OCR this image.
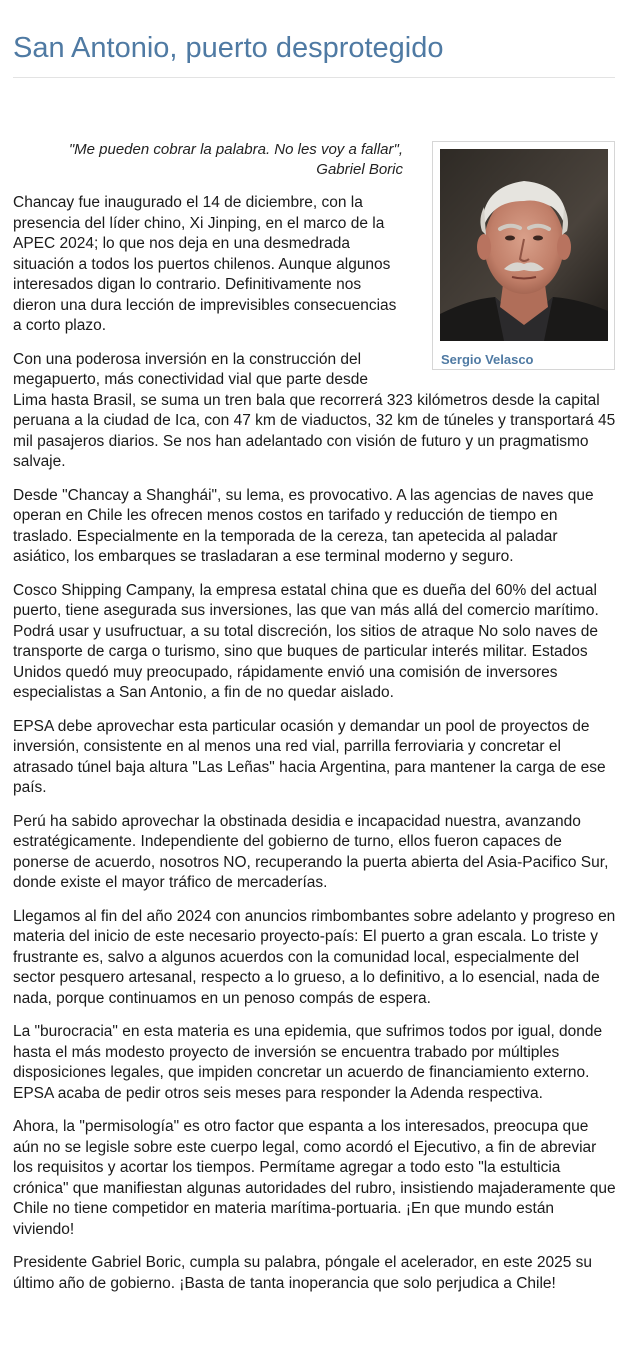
San Antonio, puerto desprotegido
Sergio Velasco

"Me pueden cobrar la palabra. No les voy a fallar",
Gabriel Boric

Chancay fue inaugurado el 14 de diciembre, con la presencia del líder chino, Xi Jinping, en el marco de la APEC 2024; lo que nos deja en una desmedrada situación a todos los puertos chilenos. Aunque algunos interesados digan lo contrario. Definitivamente nos dieron una dura lección de imprevisibles consecuencias a corto plazo.

Con una poderosa inversión en la construcción del megapuerto, más conectividad vial que parte desde Lima hasta Brasil, se suma un tren bala que recorrerá 323 kilómetros desde la capital peruana a la ciudad de Ica, con 47 km de viaductos, 32 km de túneles y transportará 45 mil pasajeros diarios. Se nos han adelantado con visión de futuro y un pragmatismo salvaje.

Desde "Chancay a Shanghái", su lema, es provocativo. A las agencias de naves que operan en Chile les ofrecen menos costos en tarifado y reducción de tiempo en traslado. Especialmente en la temporada de la cereza, tan apetecida al paladar asiático, los embarques se trasladaran a ese terminal moderno y seguro.

Cosco Shipping Campany, la empresa estatal china que es dueña del 60% del actual puerto, tiene asegurada sus inversiones, las que van más allá del comercio marítimo. Podrá usar y usufructuar, a su total discreción, los sitios de atraque No solo naves de transporte de carga o turismo, sino que buques de particular interés militar. Estados Unidos quedó muy preocupado, rápidamente envió una comisión de inversores especialistas a San Antonio, a fin de no quedar aislado.

EPSA debe aprovechar esta particular ocasión y demandar un pool de proyectos de inversión, consistente en al menos una red vial, parrilla ferroviaria y concretar el atrasado túnel baja altura "Las Leñas" hacia Argentina, para mantener la carga de ese país.

Perú ha sabido aprovechar la obstinada desidia e incapacidad nuestra, avanzando estratégicamente. Independiente del gobierno de turno, ellos fueron capaces de ponerse de acuerdo, nosotros NO, recuperando la puerta abierta del Asia-Pacifico Sur, donde existe el mayor tráfico de mercaderías.

Llegamos al fin del año 2024 con anuncios rimbombantes sobre adelanto y progreso en materia del inicio de este necesario proyecto-país: El puerto a gran escala. Lo triste y frustrante es, salvo a algunos acuerdos con la comunidad local, especialmente del sector pesquero artesanal, respecto a lo grueso, a lo definitivo, a lo esencial, nada de nada, porque continuamos en un penoso compás de espera.

La "burocracia" en esta materia es una epidemia, que sufrimos todos por igual, donde hasta el más modesto proyecto de inversión se encuentra trabado por múltiples disposiciones legales, que impiden concretar un acuerdo de financiamiento externo. EPSA acaba de pedir otros seis meses para responder la Adenda respectiva.

Ahora, la "permisología" es otro factor que espanta a los interesados, preocupa que aún no se legisle sobre este cuerpo legal, como acordó el Ejecutivo, a fin de abreviar los requisitos y acortar los tiempos. Permítame agregar a todo esto "la estulticia crónica" que manifiestan algunas autoridades del rubro, insistiendo majaderamente que Chile no tiene competidor en materia marítima-portuaria. ¡En que mundo están viviendo!

Presidente Gabriel Boric, cumpla su palabra, póngale el acelerador, en este 2025 su último año de gobierno. ¡Basta de tanta inoperancia que solo perjudica a Chile!
